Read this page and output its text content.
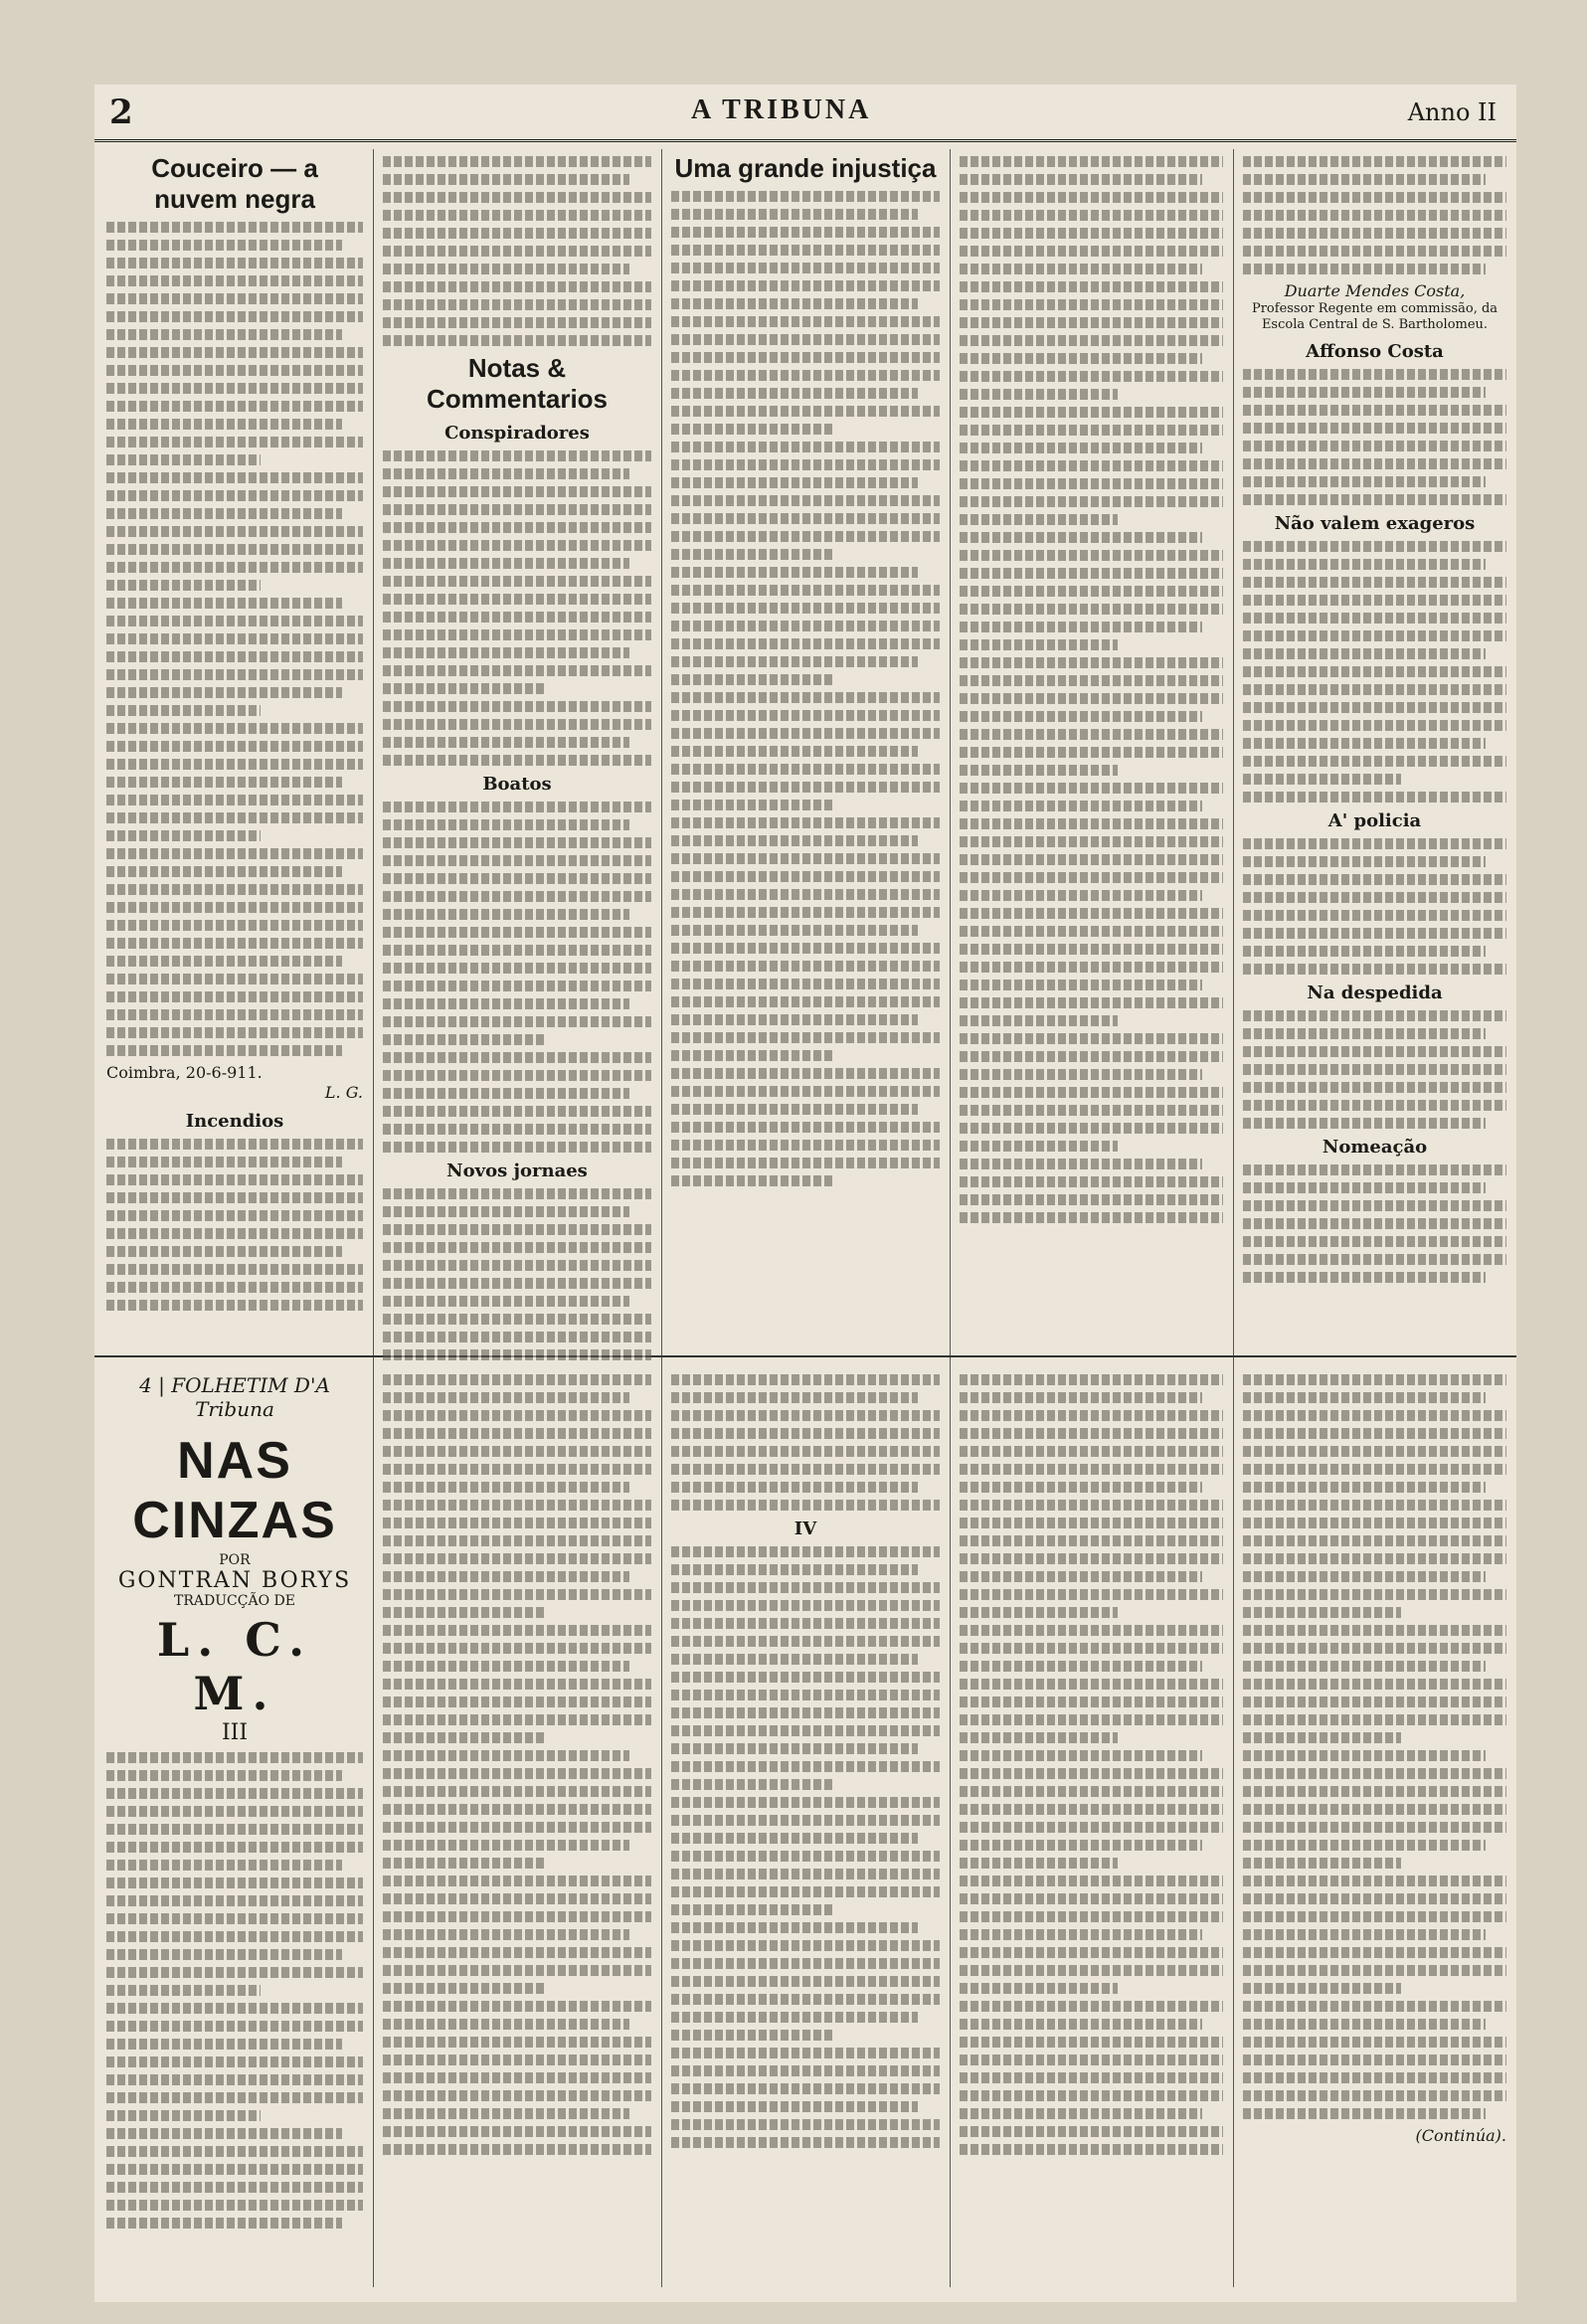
2	A TRIBUNA	Anno II
Couceiro — a nuvem negra
Coimbra, 20-6-911.
L. G.
Incendios
Notas & Commentarios
Conspiradores
Boatos
Novos jornaes
Uma grande injustiça
Duarte Mendes Costa,
Professor Regente em commissão, da Escola Central de S. Bartholomeu.
Affonso Costa
Não valem exageros
A' policia
Na despedida
Nomeação
4 | FOLHETIM D'A Tribuna
NAS CINZAS
POR
GONTRAN BORYS
TRADUCÇÃO DE
L. C. M.
III
IV
(Continúa).
